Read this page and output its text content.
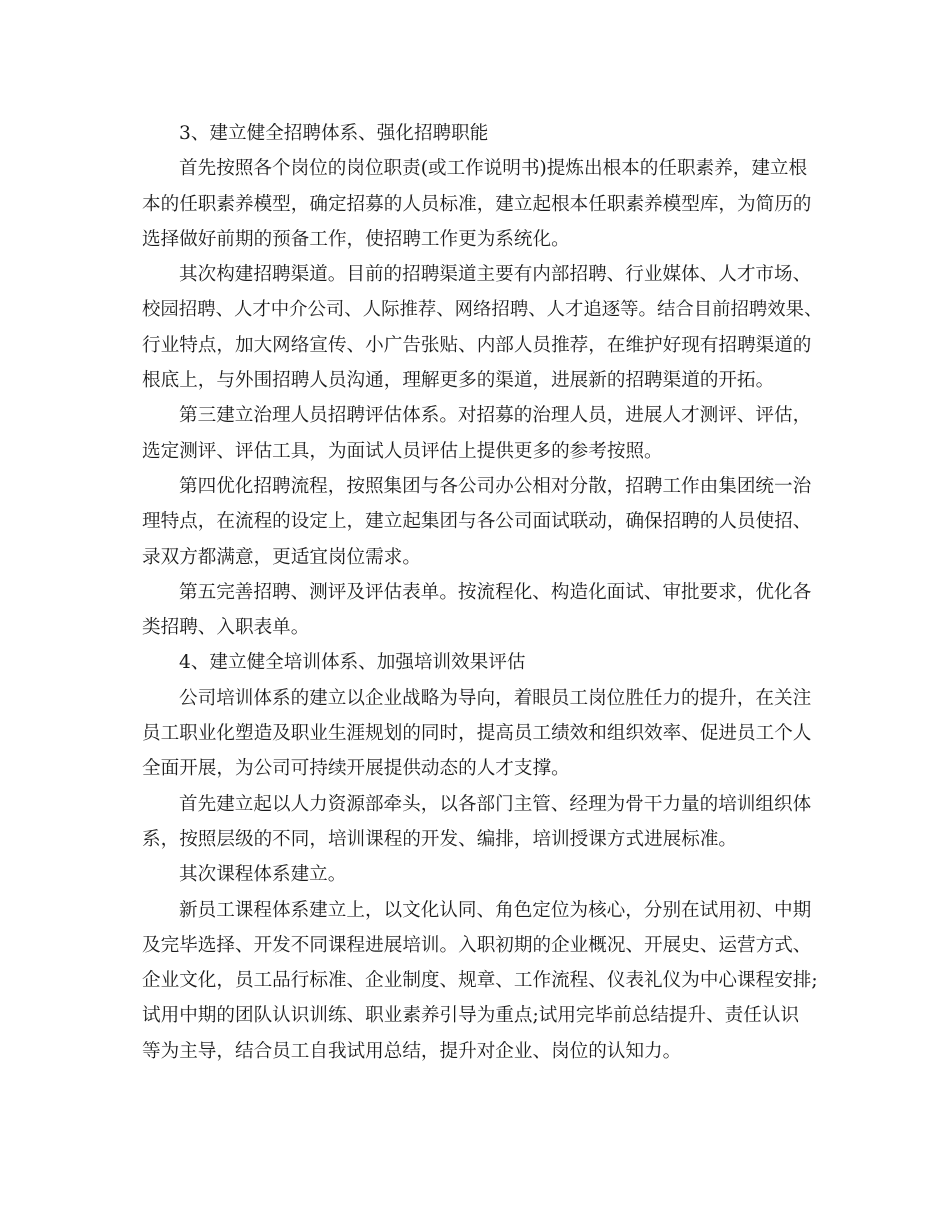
3、建立健全招聘体系、强化招聘职能
首先按照各个岗位的岗位职责(或工作说明书)提炼出根本的任职素养，建立根
本的任职素养模型，确定招募的人员标准，建立起根本任职素养模型库，为简历的
选择做好前期的预备工作，使招聘工作更为系统化。
其次构建招聘渠道。目前的招聘渠道主要有内部招聘、行业媒体、人才市场、
校园招聘、人才中介公司、人际推荐、网络招聘、人才追逐等。结合目前招聘效果、
行业特点，加大网络宣传、小广告张贴、内部人员推荐，在维护好现有招聘渠道的
根底上，与外围招聘人员沟通，理解更多的渠道，进展新的招聘渠道的开拓。
第三建立治理人员招聘评估体系。对招募的治理人员，进展人才测评、评估，
选定测评、评估工具，为面试人员评估上提供更多的参考按照。
第四优化招聘流程，按照集团与各公司办公相对分散，招聘工作由集团统一治
理特点，在流程的设定上，建立起集团与各公司面试联动，确保招聘的人员使招、
录双方都满意，更适宜岗位需求。
第五完善招聘、测评及评估表单。按流程化、构造化面试、审批要求，优化各
类招聘、入职表单。
4、建立健全培训体系、加强培训效果评估
公司培训体系的建立以企业战略为导向，着眼员工岗位胜任力的提升，在关注
员工职业化塑造及职业生涯规划的同时，提高员工绩效和组织效率、促进员工个人
全面开展，为公司可持续开展提供动态的人才支撑。
首先建立起以人力资源部牵头，以各部门主管、经理为骨干力量的培训组织体
系，按照层级的不同，培训课程的开发、编排，培训授课方式进展标准。
其次课程体系建立。
新员工课程体系建立上，以文化认同、角色定位为核心，分别在试用初、中期
及完毕选择、开发不同课程进展培训。入职初期的企业概况、开展史、运营方式、
企业文化，员工品行标准、企业制度、规章、工作流程、仪表礼仪为中心课程安排;
试用中期的团队认识训练、职业素养引导为重点;试用完毕前总结提升、责任认识
等为主导，结合员工自我试用总结，提升对企业、岗位的认知力。
